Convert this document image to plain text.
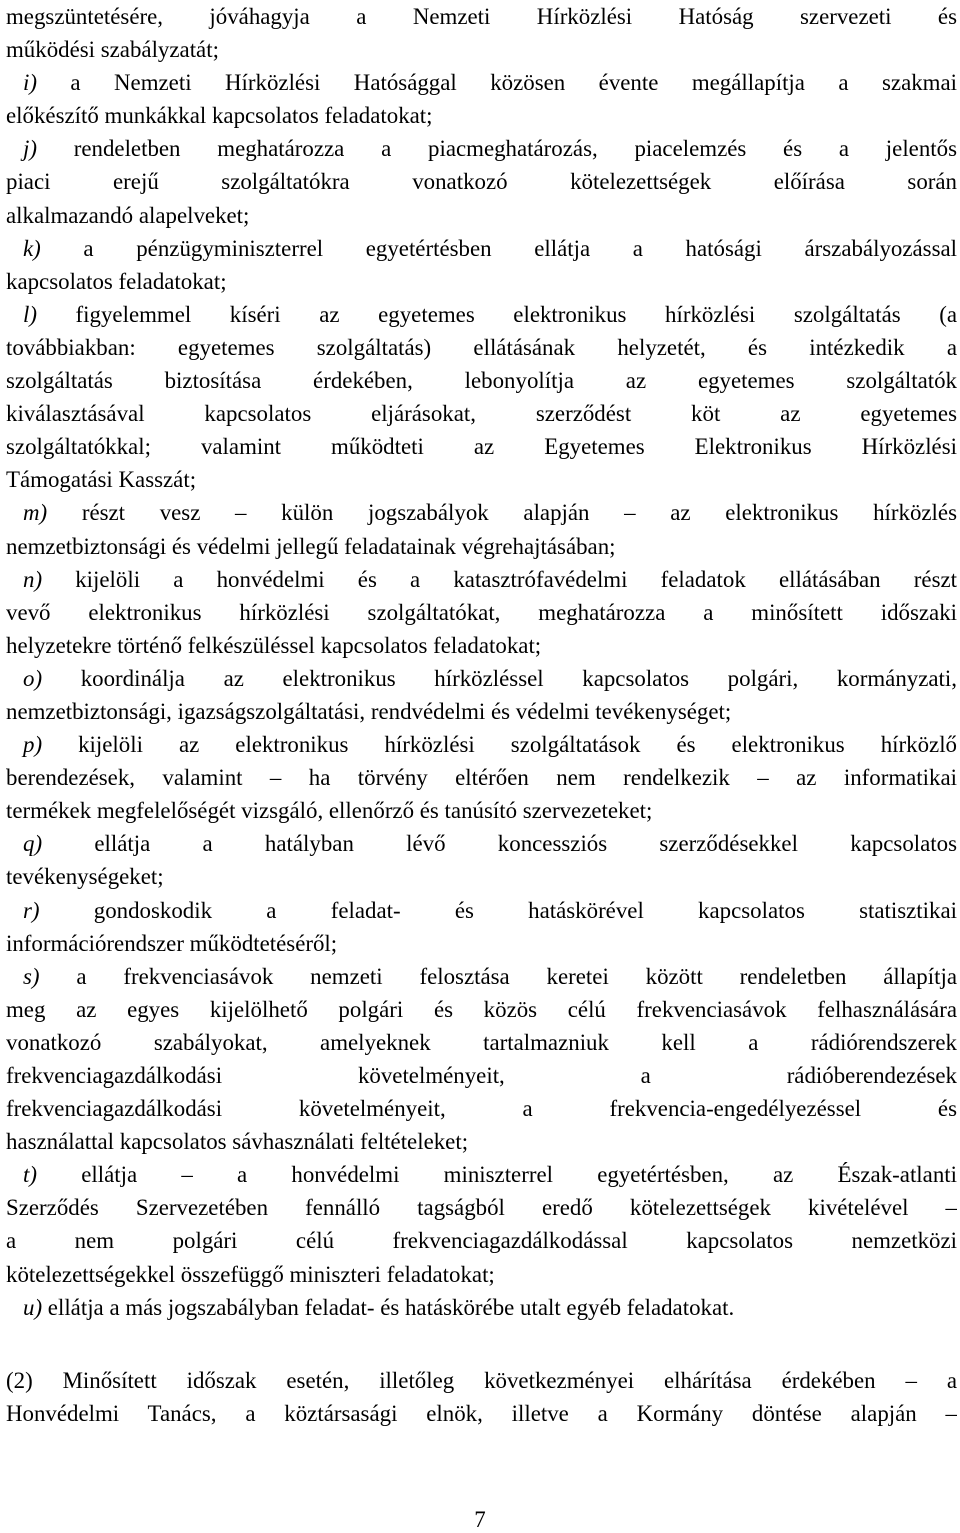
megszüntetésére, jóváhagyja a Nemzeti Hírközlési Hatóság szervezeti és
működési szabályzatát;
i) a Nemzeti Hírközlési Hatósággal közösen évente megállapítja a szakmai
előkészítő munkákkal kapcsolatos feladatokat;
j) rendeletben meghatározza a piacmeghatározás, piacelemzés és a jelentős
piaci erejű szolgáltatókra vonatkozó kötelezettségek előírása során
alkalmazandó alapelveket;
k) a pénzügyminiszterrel egyetértésben ellátja a hatósági árszabályozással
kapcsolatos feladatokat;
l) figyelemmel kíséri az egyetemes elektronikus hírközlési szolgáltatás (a
továbbiakban: egyetemes szolgáltatás) ellátásának helyzetét, és intézkedik a
szolgáltatás biztosítása érdekében, lebonyolítja az egyetemes szolgáltatók
kiválasztásával kapcsolatos eljárásokat, szerződést köt az egyetemes
szolgáltatókkal; valamint működteti az Egyetemes Elektronikus Hírközlési
Támogatási Kasszát;
m) részt vesz – külön jogszabályok alapján – az elektronikus hírközlés
nemzetbiztonsági és védelmi jellegű feladatainak végrehajtásában;
n) kijelöli a honvédelmi és a katasztrófavédelmi feladatok ellátásában részt
vevő elektronikus hírközlési szolgáltatókat, meghatározza a minősített időszaki
helyzetekre történő felkészüléssel kapcsolatos feladatokat;
o) koordinálja az elektronikus hírközléssel kapcsolatos polgári, kormányzati,
nemzetbiztonsági, igazságszolgáltatási, rendvédelmi és védelmi tevékenységet;
p) kijelöli az elektronikus hírközlési szolgáltatások és elektronikus hírközlő
berendezések, valamint – ha törvény eltérően nem rendelkezik – az informatikai
termékek megfelelőségét vizsgáló, ellenőrző és tanúsító szervezeteket;
q) ellátja a hatályban lévő koncessziós szerződésekkel kapcsolatos
tevékenységeket;
r) gondoskodik a feladat- és hatáskörével kapcsolatos statisztikai
információrendszer működtetéséről;
s) a frekvenciasávok nemzeti felosztása keretei között rendeletben állapítja
meg az egyes kijelölhető polgári és közös célú frekvenciasávok felhasználására
vonatkozó szabályokat, amelyeknek tartalmazniuk kell a rádiórendszerek
frekvenciagazdálkodási követelményeit, a rádióberendezések
frekvenciagazdálkodási követelményeit, a frekvencia-engedélyezéssel és
használattal kapcsolatos sávhasználati feltételeket;
t) ellátja – a honvédelmi miniszterrel egyetértésben, az Észak-atlanti
Szerződés Szervezetében fennálló tagságból eredő kötelezettségek kivételével –
a nem polgári célú frekvenciagazdálkodással kapcsolatos nemzetközi
kötelezettségekkel összefüggő miniszteri feladatokat;
u) ellátja a más jogszabályban feladat- és hatáskörébe utalt egyéb feladatokat.
(2) Minősített időszak esetén, illetőleg következményei elhárítása érdekében – a
Honvédelmi Tanács, a köztársasági elnök, illetve a Kormány döntése alapján –
7
